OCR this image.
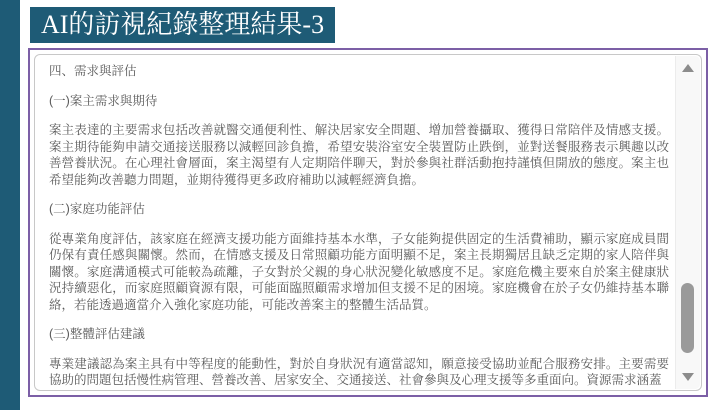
AI的訪視紀錄整理結果-3
四、需求與評估
(一)案主需求與期待
案主表達的主要需求包括改善就醫交通便利性、解決居家安全問題、增加營養攝取、獲得日常陪伴及情感支援。案主期待能夠申請交通接送服務以減輕回診負擔，希望安裝浴室安全裝置防止跌倒，並對送餐服務表示興趣以改善營養狀況。在心理社會層面，案主渴望有人定期陪伴聊天，對於參與社群活動抱持謹慎但開放的態度。案主也希望能夠改善聽力問題，並期待獲得更多政府補助以減輕經濟負擔。
(二)家庭功能評估
從專業角度評估，該家庭在經濟支援功能方面維持基本水準，子女能夠提供固定的生活費補助，顯示家庭成員間仍保有責任感與關懷。然而，在情感支援及日常照顧功能方面明顯不足，案主長期獨居且缺乏定期的家人陪伴與關懷。家庭溝通模式可能較為疏離，子女對於父親的身心狀況變化敏感度不足。家庭危機主要來自於案主健康狀況持續惡化，而家庭照顧資源有限，可能面臨照顧需求增加但支援不足的困境。家庭機會在於子女仍維持基本聯絡，若能透過適當介入強化家庭功能，可能改善案主的整體生活品質。
(三)整體評估建議
專業建議認為案主具有中等程度的能動性，對於自身狀況有適當認知，願意接受協助並配合服務安排。主要需要協助的問題包括慢性病管理、營養改善、居家安全、交通接送、社會參與及心理支援等多重面向。資源需求涵蓋
